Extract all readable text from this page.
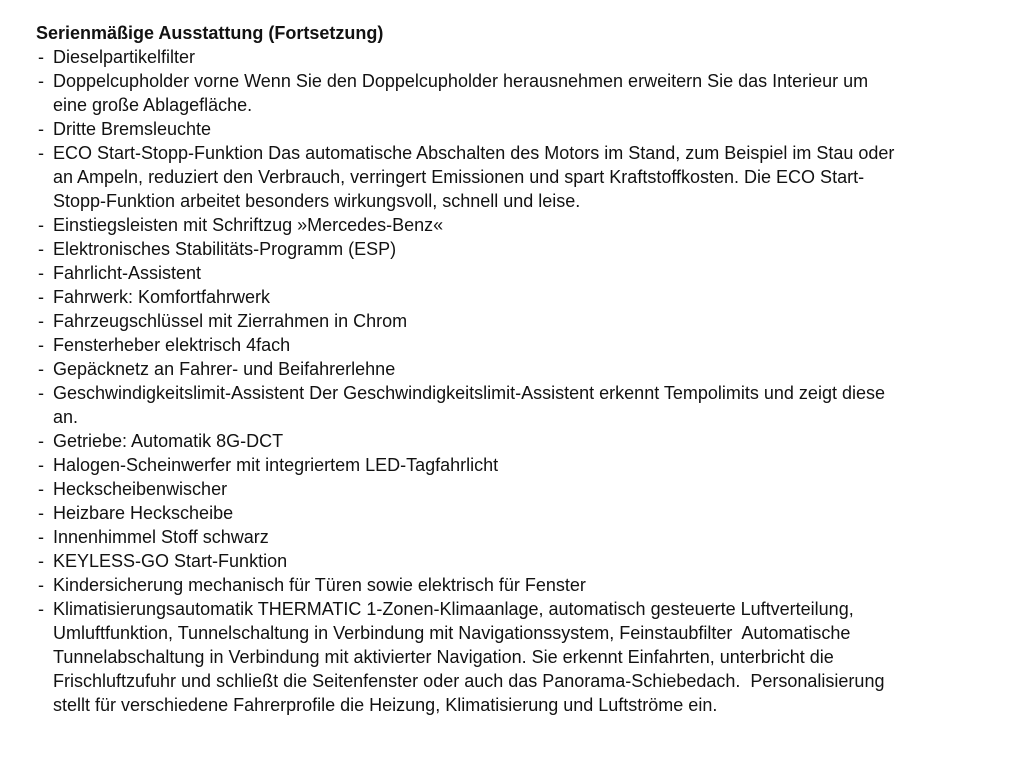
Serienmäßige Ausstattung (Fortsetzung)
- Dieselpartikelfilter
- Doppelcupholder vorne Wenn Sie den Doppelcupholder herausnehmen erweitern Sie das Interieur um eine große Ablagefläche.
- Dritte Bremsleuchte
- ECO Start-Stopp-Funktion Das automatische Abschalten des Motors im Stand, zum Beispiel im Stau oder an Ampeln, reduziert den Verbrauch, verringert Emissionen und spart Kraftstoffkosten. Die ECO Start-Stopp-Funktion arbeitet besonders wirkungsvoll, schnell und leise.
- Einstiegsleisten mit Schriftzug »Mercedes-Benz«
- Elektronisches Stabilitäts-Programm (ESP)
- Fahrlicht-Assistent
- Fahrwerk: Komfortfahrwerk
- Fahrzeugschlüssel mit Zierrahmen in Chrom
- Fensterheber elektrisch 4fach
- Gepäcknetz an Fahrer- und Beifahrerlehne
- Geschwindigkeitslimit-Assistent Der Geschwindigkeitslimit-Assistent erkennt Tempolimits und zeigt diese an.
- Getriebe: Automatik 8G-DCT
- Halogen-Scheinwerfer mit integriertem LED-Tagfahrlicht
- Heckscheibenwischer
- Heizbare Heckscheibe
- Innenhimmel Stoff schwarz
- KEYLESS-GO Start-Funktion
- Kindersicherung mechanisch für Türen sowie elektrisch für Fenster
- Klimatisierungsautomatik THERMATIC 1-Zonen-Klimaanlage, automatisch gesteuerte Luftverteilung, Umluftfunktion, Tunnelschaltung in Verbindung mit Navigationssystem, Feinstaubfilter  Automatische Tunnelabschaltung in Verbindung mit aktivierter Navigation. Sie erkennt Einfahrten, unterbricht die Frischluftzufuhr und schließt die Seitenfenster oder auch das Panorama-Schiebedach.  Personalisierung stellt für verschiedene Fahrerprofile die Heizung, Klimatisierung und Luftströme ein.
